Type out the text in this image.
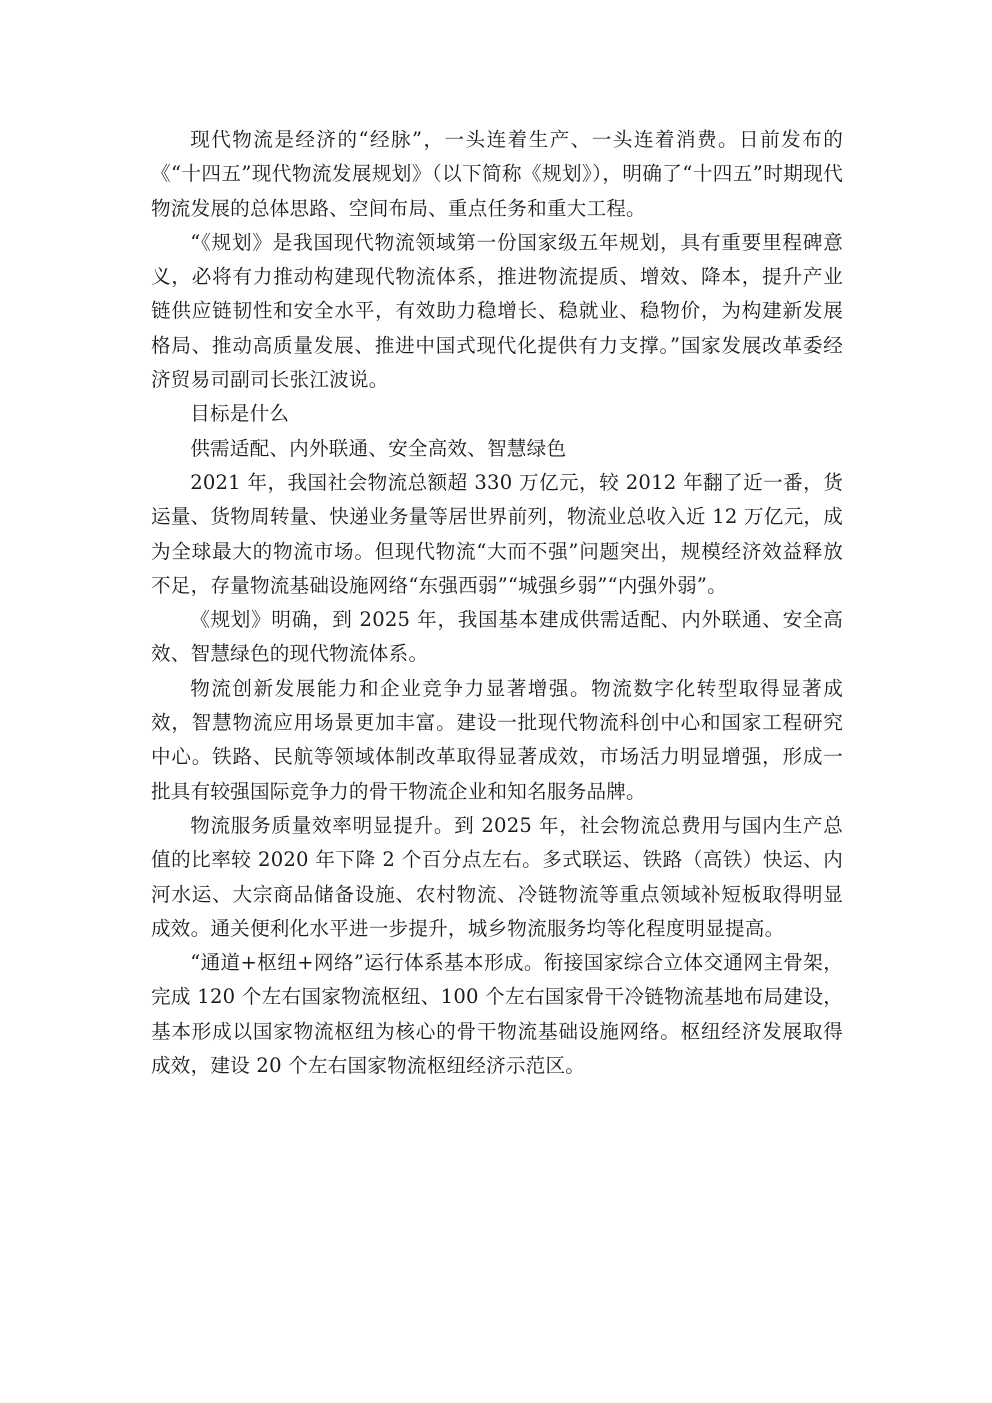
现代物流是经济的“经脉”，一头连着生产、一头连着消费。日前发布的《“十四五”现代物流发展规划》（以下简称《规划》），明确了“十四五”时期现代物流发展的总体思路、空间布局、重点任务和重大工程。

“《规划》是我国现代物流领域第一份国家级五年规划，具有重要里程碑意义，必将有力推动构建现代物流体系，推进物流提质、增效、降本，提升产业链供应链韧性和安全水平，有效助力稳增长、稳就业、稳物价，为构建新发展格局、推动高质量发展、推进中国式现代化提供有力支撑。”国家发展改革委经济贸易司副司长张江波说。

目标是什么

供需适配、内外联通、安全高效、智慧绿色

2021 年，我国社会物流总额超 330 万亿元，较 2012 年翻了近一番，货运量、货物周转量、快递业务量等居世界前列，物流业总收入近 12 万亿元，成为全球最大的物流市场。但现代物流“大而不强”问题突出，规模经济效益释放不足，存量物流基础设施网络“东强西弱”“城强乡弱”“内强外弱”。

《规划》明确，到 2025 年，我国基本建成供需适配、内外联通、安全高效、智慧绿色的现代物流体系。

物流创新发展能力和企业竞争力显著增强。物流数字化转型取得显著成效，智慧物流应用场景更加丰富。建设一批现代物流科创中心和国家工程研究中心。铁路、民航等领域体制改革取得显著成效，市场活力明显增强，形成一批具有较强国际竞争力的骨干物流企业和知名服务品牌。

物流服务质量效率明显提升。到 2025 年，社会物流总费用与国内生产总值的比率较 2020 年下降 2 个百分点左右。多式联运、铁路（高铁）快运、内河水运、大宗商品储备设施、农村物流、冷链物流等重点领域补短板取得明显成效。通关便利化水平进一步提升，城乡物流服务均等化程度明显提高。

“通道+枢纽+网络”运行体系基本形成。衔接国家综合立体交通网主骨架，完成 120 个左右国家物流枢纽、100 个左右国家骨干冷链物流基地布局建设，基本形成以国家物流枢纽为核心的骨干物流基础设施网络。枢纽经济发展取得成效，建设 20 个左右国家物流枢纽经济示范区。
